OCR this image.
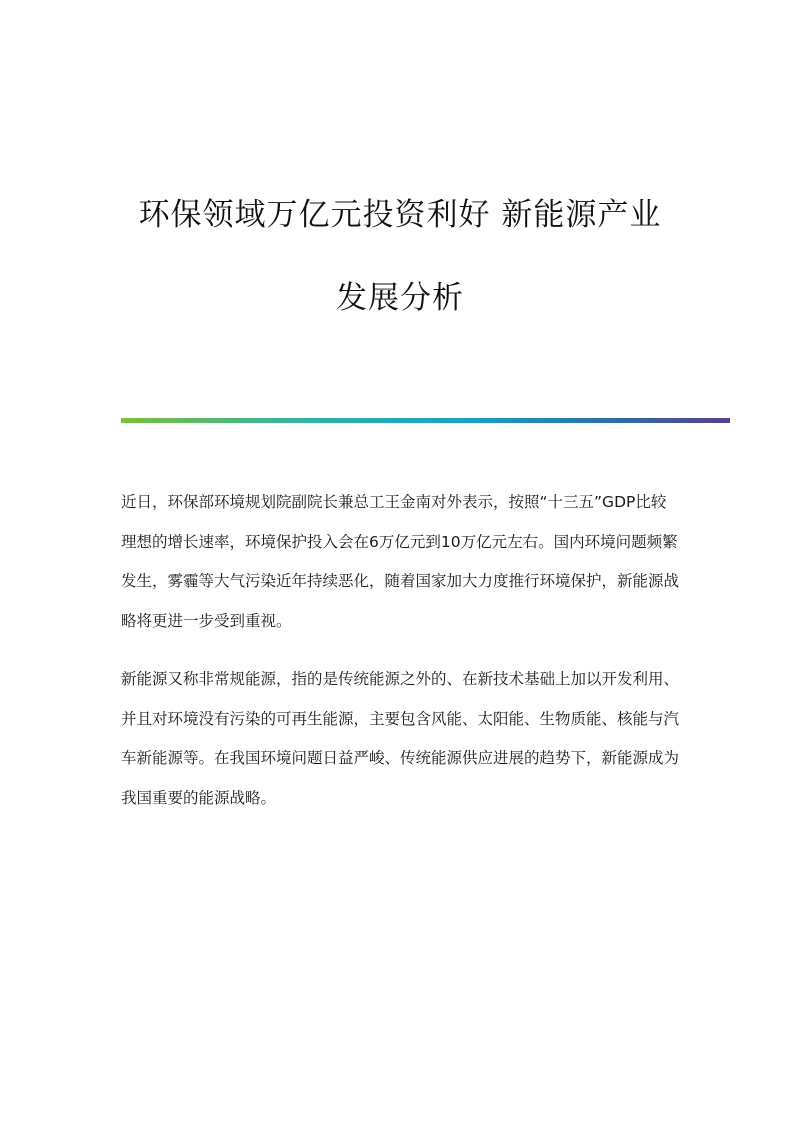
环保领域万亿元投资利好 新能源产业
发展分析

近日，环保部环境规划院副院长兼总工王金南对外表示，按照“十三五”GDP比较理想的增长速率，环境保护投入会在6万亿元到10万亿元左右。国内环境问题频繁发生，雾霾等大气污染近年持续恶化，随着国家加大力度推行环境保护，新能源战略将更进一步受到重视。

新能源又称非常规能源，指的是传统能源之外的、在新技术基础上加以开发利用、并且对环境没有污染的可再生能源，主要包含风能、太阳能、生物质能、核能与汽车新能源等。在我国环境问题日益严峻、传统能源供应进展的趋势下，新能源成为我国重要的能源战略。
